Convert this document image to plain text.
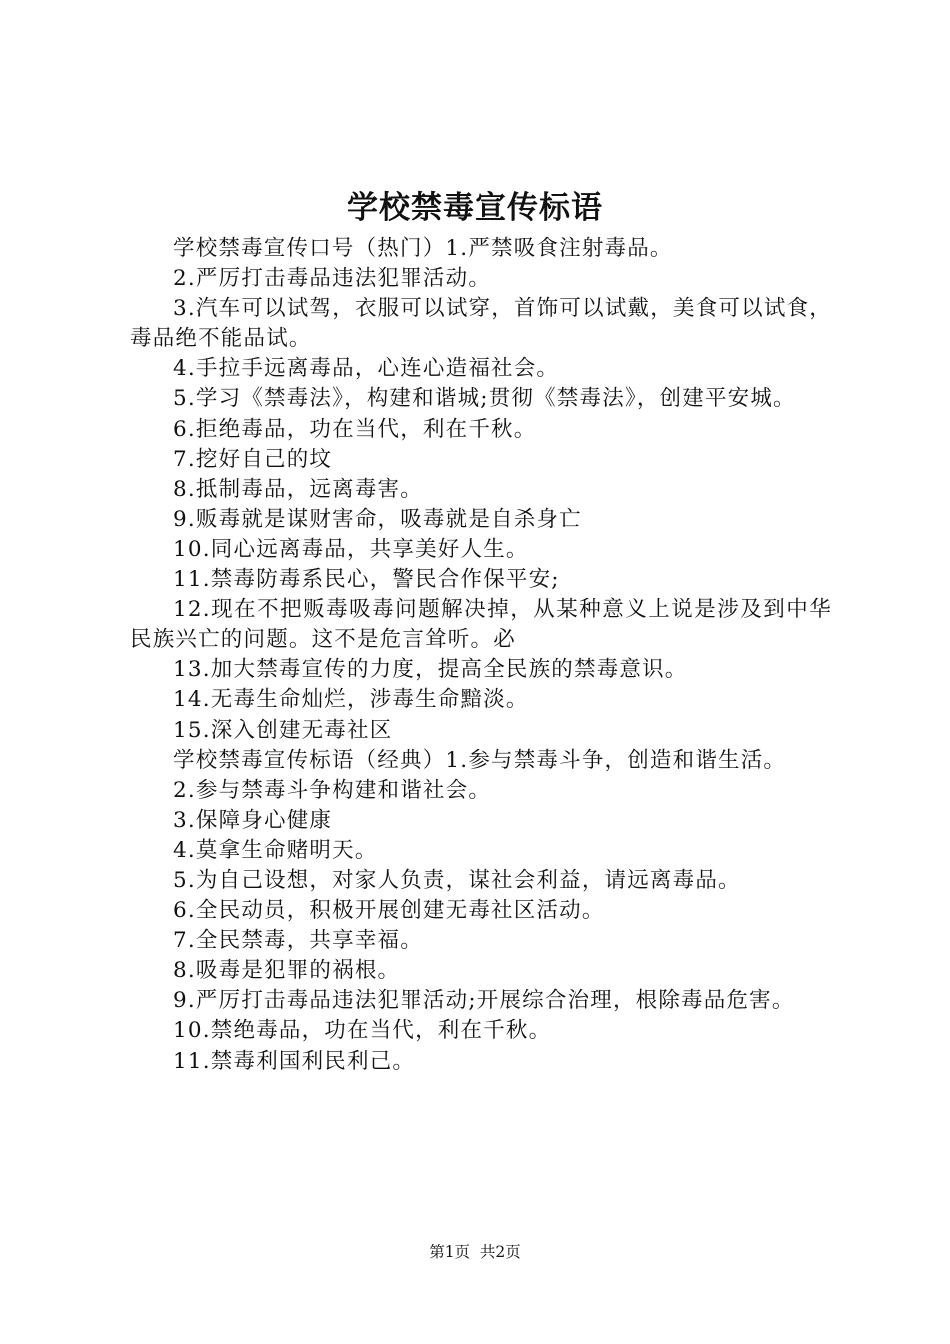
学校禁毒宣传标语

学校禁毒宣传口号（热门）1.严禁吸食注射毒品。

2.严厉打击毒品违法犯罪活动。

3.汽车可以试驾，衣服可以试穿，首饰可以试戴，美食可以试食，毒品绝不能品试。

4.手拉手远离毒品，心连心造福社会。

5.学习《禁毒法》，构建和谐城;贯彻《禁毒法》，创建平安城。

6.拒绝毒品，功在当代，利在千秋。

7.挖好自己的坟

8.抵制毒品，远离毒害。

9.贩毒就是谋财害命，吸毒就是自杀身亡

10.同心远离毒品，共享美好人生。

11.禁毒防毒系民心，警民合作保平安;

12.现在不把贩毒吸毒问题解决掉，从某种意义上说是涉及到中华民族兴亡的问题。这不是危言耸听。必

13.加大禁毒宣传的力度，提高全民族的禁毒意识。

14.无毒生命灿烂，涉毒生命黯淡。

15.深入创建无毒社区

学校禁毒宣传标语（经典）1.参与禁毒斗争，创造和谐生活。

2.参与禁毒斗争构建和谐社会。

3.保障身心健康

4.莫拿生命赌明天。

5.为自己设想，对家人负责，谋社会利益，请远离毒品。

6.全民动员，积极开展创建无毒社区活动。

7.全民禁毒，共享幸福。

8.吸毒是犯罪的祸根。

9.严厉打击毒品违法犯罪活动;开展综合治理，根除毒品危害。

10.禁绝毒品，功在当代，利在千秋。

11.禁毒利国利民利己。

第1页 共2页
